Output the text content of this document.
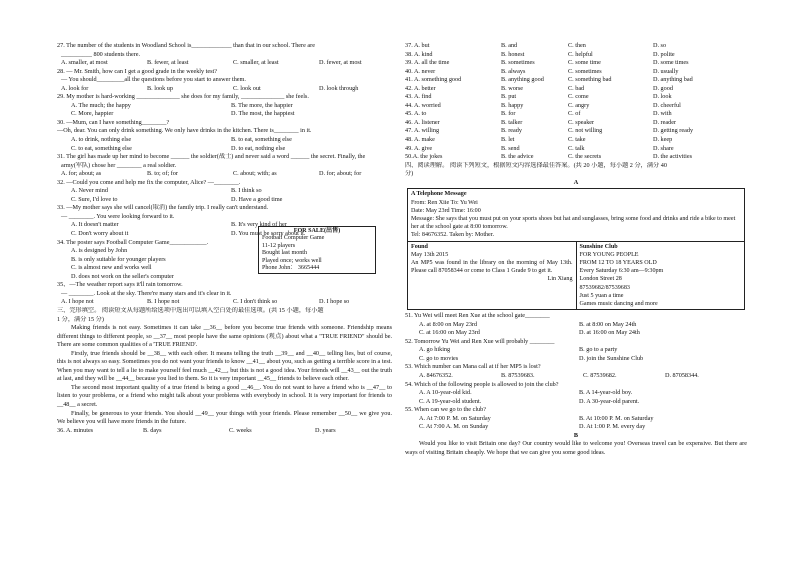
27. The number of the students in Woodland School is_____________ than that in our school. There are
__________ 800 students there.
A. smaller, at most	B. fewer, at least	C. smaller, at least	D. fewer, at most
28. — Mr. Smith, how can I get a good grade in the weekly test?
— You should_________all the questions before you start to answer them.
A. look for	B. look up	C. look out	D. look through
29. My mother is hard-working ______________ she does for my family, ______________ she feels.
A. The much; the happy	B. The more, the happier
C. More, happier	D. The most, the happiest
30. —Mum, can I have something________?
—Oh, dear. You can only drink something. We only have drinks in the kitchen. There is________ in it.
A. to drink, nothing else	B. to eat, something else
C. to eat, something else	D. to eat, nothing else
31. The girl has made up her mind to become ______ the soldier(战士) and never said a word ______ the secret. Finally, the
army(军队) chose her ________ a real soldier.
A. for; about; as	B. to; of; for	C. about; with; as	D. for; about; for
32. —Could you come and help me fix the computer, Alice? —________.
A. Never mind	B. I think so
C. Sure, I'd love to	D. Have a good time
33. —My mother says she will cancel(取消) the family trip. I really can't understand.
— ________. You were looking forward to it.
A. It doesn't matter	B. It's very kind of her
C. Don't worry about it	D. You must be sorry about it.
34. The poster says Football Computer Game____________.
A. is designed by John
B. is only suitable for younger players
C. is almost new and works well
D. does not work on the seller's computer
35、—The weather report says it'll rain tomorrow.
— ________. Look at the sky. There're many stars and it's clear in it.
A. I hope not	B. I hope not	C. I don't think so	D. I hope so
三、完形填空。 阅读短文从每题所给选项中选出可以填入空白处的最佳选项。(共 15 小题，每小题
1 分，满分 15 分)
Making friends is not easy. Sometimes it can take __36__ before you become true friends with someone. Friendship means different things to different people, so __37__ most people have the same opinions (观点) about what a "TRUE FRIEND" should be. There are some common qualities of a 'TRUE FRIEND'.
Firstly, true friends should be __38__ with each other. It means telling the truth __39__ and __40__ telling lies, but of course, this is not always so easy. Sometimes you do not want your friends to know __41__ about you, such as getting a terrible score in a test. When you may want to tell a lie to make yourself feel much __42__, but this is not a good idea. Your friends will __43__ out the truth at last, and they will be __44__ because you lied to them. So it is very important __45__ friends to believe each other.
The second most important quality of a true friend is being a good __46__. You do not want to have a friend who is __47__ to listen to your problems, or a friend who might talk about your problems with everybody in school. It is very important for friends to __48__ a secret.
Finally, be generous to your friends. You should __49__ your things with your friends. Please remember __50__ we give you. We believe you will have more friends in the future.
36. A. minutes	B. days	C. weeks	D. years
FOR SALE(出售)
Football Computer Game
11-12 players
Bought last month
Played once; works well
Phone John： 3665444
37. A. but	B. and	C. then	D. so
38. A. kind	B. honest	C. helpful	D. polite
39. A. all the time	B. sometimes	C. some time	D. some times
40. A. never	B. always	C. sometimes	D. usually
41. A. something good	B. anything good	C. something bad	D. anything bad
42. A. better	B. worse	C. bad	D. good
43. A. find	B. put	C. come	D. look
44. A. worried	B. happy	C. angry	D. cheerful
45. A. to	B. for	C. of	D. with
46. A. listener	B. talker	C. speaker	D. reader
47. A. willing	B. ready	C. not willing	D. getting ready
48. A. make	B. let	C. take	D. keep
49. A. give	B. send	C. talk	D. share
50.A. the jokes	B. the advice	C. the secrets	D. the activities
四、阅读理解。 阅读下列短文，根据短文内容选择最佳答案。(共 20 小题，每小题 2 分，满分 40
分)
A
A Telephone Message
From: Ren Xiie To: Yu Wei
Date: May 23rd Time: 16:00
Message: She says that you must put on your sports shoes but hat and sunglasses, bring some food and drinks and ride a bike to meet her at the school gate at 8:00 tomorrow.
Tel: 84676352. Taken by: Mother.

Found
May 13th 2015
An MP5 was found in the library on the morning of May 13th. Please call 87058344 or come to Class 1 Grade 9 to get it.
Lin Xiang

Sunshine Club
FOR YOUNG PEOPLE
FROM 12 TO 18 YEARS OLD
Every Saturday 6:30 am—9:30pm
London Street 28
87539682/87539683
Just 5 yuan a time
Games music dancing and more
51. Yu Wei will meet Ren Xue at the school gate________
A. at 8:00 on May 23rd	B. at 8:00 on May 24th
C. at 16:00 on May 23rd	D. at 16:00 on May 24th
52. Tomorrow Yu Wei and Ren Xue will probably ________
A. go hiking	B. go to a party
C. go to movies	D. join the Sunshine Club
53. Which number can Mana call at if her MP5 is lost?
A. 84676352.	B. 87539683.	C. 87539682.	D. 87058344.
54. Which of the following people is allowed to join the club?
A. A 10-year-old kid.	B. A 14-year-old boy.
C. A 19-year-old student.	D. A 30-year-old parent.
55. When can we go to the club?
A. At 7:00 P. M. on Saturday	B. At 10:00 P. M. on Saturday
C. At 7:00 A. M. on Sunday	D. At 1:00 P. M. every day
B
Would you like to visit Britain one day? Our country would like to welcome you! Overseas travel can be expensive. But there are ways of visiting Britain cheaply. We hope that we can give you some good ideas.
